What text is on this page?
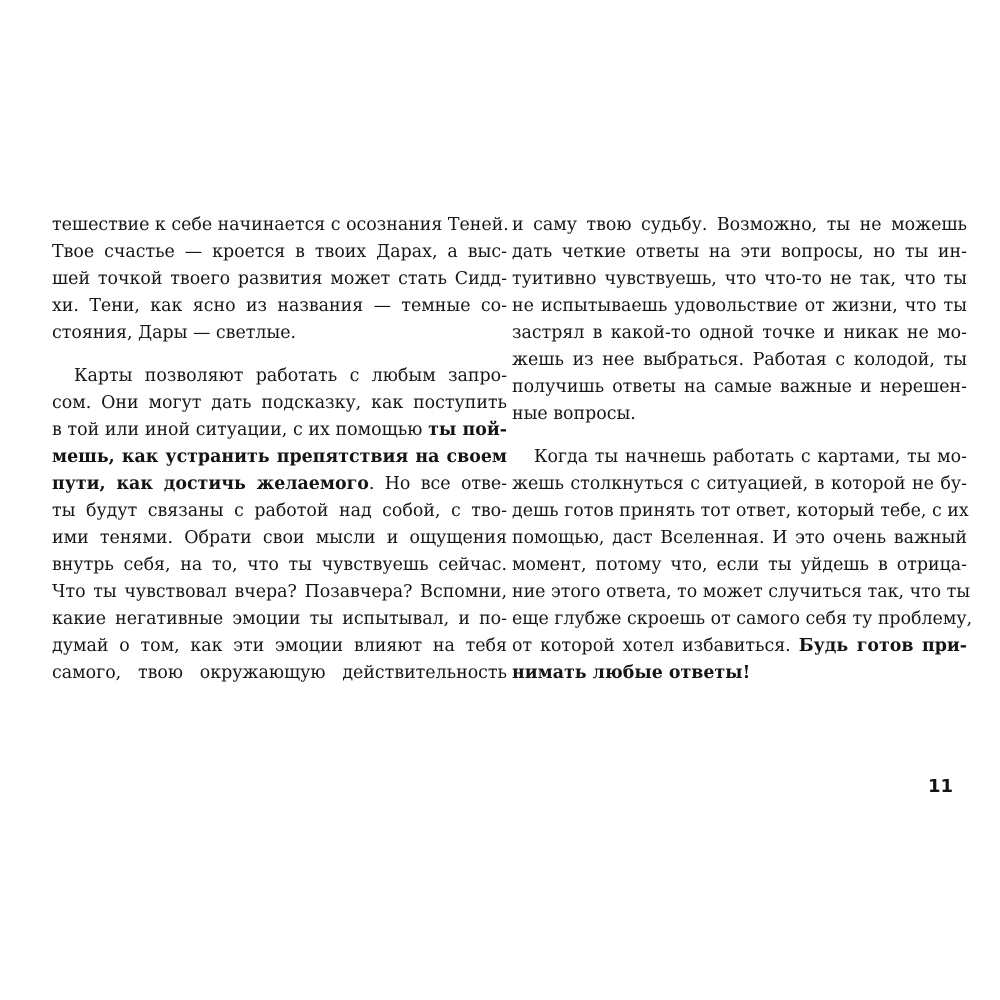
тешествие к себе начинается с осознания Теней.
Твое счастье — кроется в твоих Дарах, а выс-
шей точкой твоего развития может стать Сидд-
хи. Тени, как ясно из названия — темные со-
стояния, Дары — светлые.
Карты позволяют работать с любым запро-
сом. Они могут дать подсказку, как поступить
в той или иной ситуации, с их помощью ты пой-
мешь, как устранить препятствия на своем
пути, как достичь желаемого. Но все отве-
ты будут связаны с работой над собой, с тво-
ими тенями. Обрати свои мысли и ощущения
внутрь себя, на то, что ты чувствуешь сейчас.
Что ты чувствовал вчера? Позавчера? Вспомни,
какие негативные эмоции ты испытывал, и по-
думай о том, как эти эмоции влияют на тебя
самого, твою окружающую действительность
и саму твою судьбу. Возможно, ты не можешь
дать четкие ответы на эти вопросы, но ты ин-
туитивно чувствуешь, что что-то не так, что ты
не испытываешь удовольствие от жизни, что ты
застрял в какой-то одной точке и никак не мо-
жешь из нее выбраться. Работая с колодой, ты
получишь ответы на самые важные и нерешен-
ные вопросы.
Когда ты начнешь работать с картами, ты мо-
жешь столкнуться с ситуацией, в которой не бу-
дешь готов принять тот ответ, который тебе, с их
помощью, даст Вселенная. И это очень важный
момент, потому что, если ты уйдешь в отрица-
ние этого ответа, то может случиться так, что ты
еще глубже скроешь от самого себя ту проблему,
от которой хотел избавиться. Будь готов при-
нимать любые ответы!
11
